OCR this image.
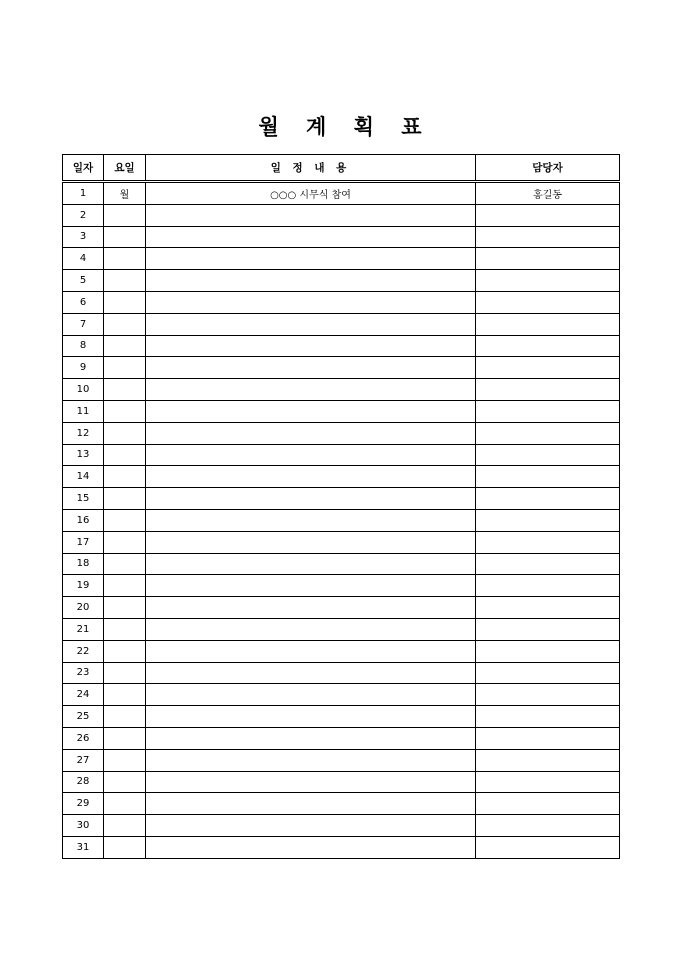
월 계 획 표
일자	요일	일 정 내 용	담당자
1	월	○○○ 시무식 참여	홍길동
2			
3			
4			
5			
6			
7			
8			
9			
10			
11			
12			
13			
14			
15			
16			
17			
18			
19			
20			
21			
22			
23			
24			
25			
26			
27			
28			
29			
30			
31			
